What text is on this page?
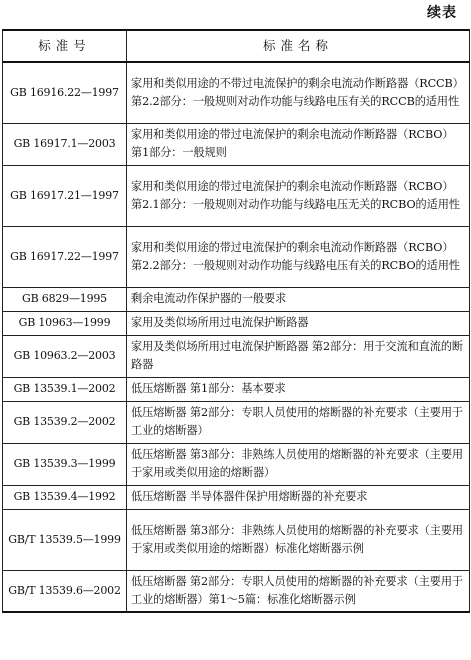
续表
标准号	标准名称
GB 16916.22—1997	家用和类似用途的不带过电流保护的剩余电流动作断路器（RCCB） 第2.2部分：一般规则对动作功能与线路电压有关的RCCB的适用性
GB 16917.1—2003	家用和类似用途的带过电流保护的剩余电流动作断路器（RCBO） 第1部分：一般规则
GB 16917.21—1997	家用和类似用途的带过电流保护的剩余电流动作断路器（RCBO） 第2.1部分：一般规则对动作功能与线路电压无关的RCBO的适用性
GB 16917.22—1997	家用和类似用途的带过电流保护的剩余电流动作断路器（RCBO） 第2.2部分：一般规则对动作功能与线路电压有关的RCBO的适用性
GB 6829—1995	剩余电流动作保护器的一般要求
GB 10963—1999	家用及类似场所用过电流保护断路器
GB 10963.2—2003	家用及类似场所用过电流保护断路器 第2部分：用于交流和直流的断路器
GB 13539.1—2002	低压熔断器 第1部分：基本要求
GB 13539.2—2002	低压熔断器 第2部分：专职人员使用的熔断器的补充要求（主要用于工业的熔断器）
GB 13539.3—1999	低压熔断器 第3部分：非熟练人员使用的熔断器的补充要求（主要用于家用或类似用途的熔断器）
GB 13539.4—1992	低压熔断器 半导体器件保护用熔断器的补充要求
GB/T 13539.5—1999	低压熔断器 第3部分：非熟练人员使用的熔断器的补充要求（主要用于家用或类似用途的熔断器）标准化熔断器示例
GB/T 13539.6—2002	低压熔断器 第2部分：专职人员使用的熔断器的补充要求（主要用于工业的熔断器）第1～5篇：标准化熔断器示例
